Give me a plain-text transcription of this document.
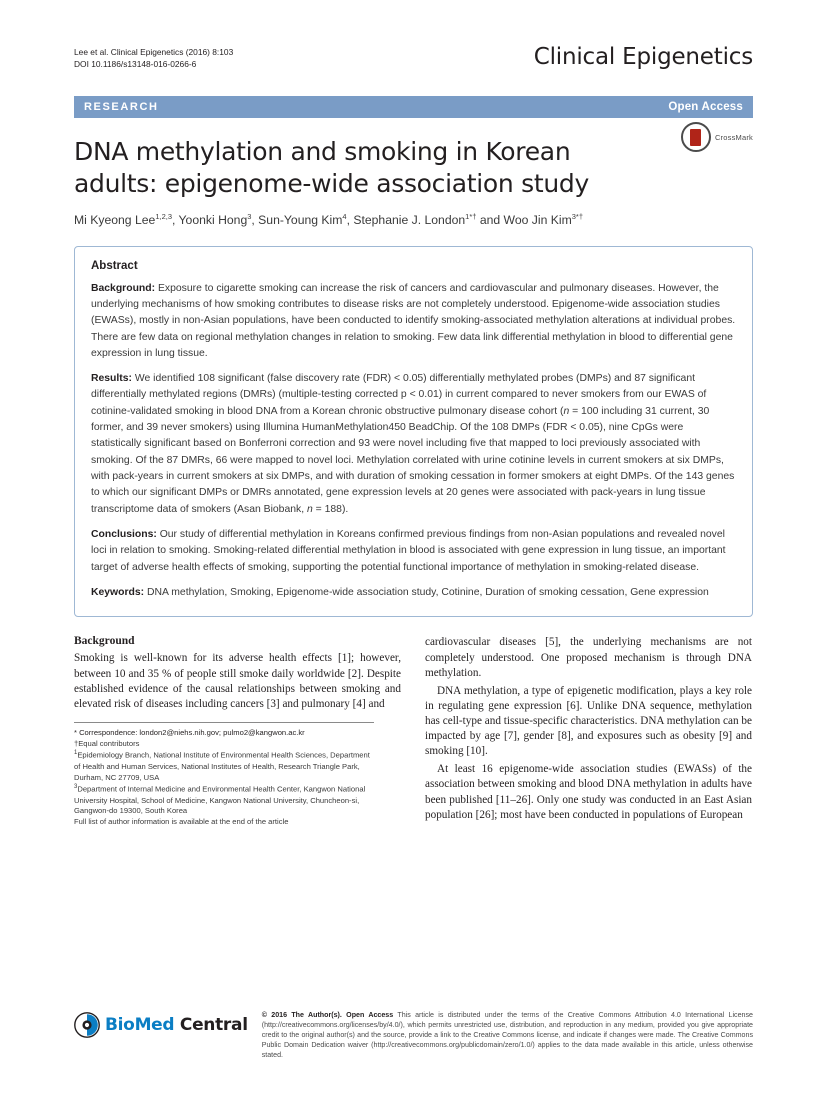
Lee et al. Clinical Epigenetics (2016) 8:103
DOI 10.1186/s13148-016-0266-6	Clinical Epigenetics
RESEARCH	Open Access
DNA methylation and smoking in Korean adults: epigenome-wide association study
CrossMark
Mi Kyeong Lee$^{1,2,3}$, Yoonki Hong$^3$, Sun-Young Kim$^4$, Stephanie J. London$^{1*\dagger}$ and Woo Jin Kim$^{3*\dagger}$
Abstract

Background: Exposure to cigarette smoking can increase the risk of cancers and cardiovascular and pulmonary diseases. However, the underlying mechanisms of how smoking contributes to disease risks are not completely understood. Epigenome-wide association studies (EWASs), mostly in non-Asian populations, have been conducted to identify smoking-associated methylation alterations at individual probes. There are few data on regional methylation changes in relation to smoking. Few data link differential methylation in blood to differential gene expression in lung tissue.

Results: We identified 108 significant (false discovery rate (FDR) < 0.05) differentially methylated probes (DMPs) and 87 significant differentially methylated regions (DMRs) (multiple-testing corrected p < 0.01) in current compared to never smokers from our EWAS of cotinine-validated smoking in blood DNA from a Korean chronic obstructive pulmonary disease cohort (n = 100 including 31 current, 30 former, and 39 never smokers) using Illumina HumanMethylation450 BeadChip. Of the 108 DMPs (FDR < 0.05), nine CpGs were statistically significant based on Bonferroni correction and 93 were novel including five that mapped to loci previously associated with smoking. Of the 87 DMRs, 66 were mapped to novel loci. Methylation correlated with urine cotinine levels in current smokers at six DMPs, with pack-years in current smokers at six DMPs, and with duration of smoking cessation in former smokers at eight DMPs. Of the 143 genes to which our significant DMPs or DMRs annotated, gene expression levels at 20 genes were associated with pack-years in lung tissue transcriptome data of smokers (Asan Biobank, n = 188).

Conclusions: Our study of differential methylation in Koreans confirmed previous findings from non-Asian populations and revealed novel loci in relation to smoking. Smoking-related differential methylation in blood is associated with gene expression in lung tissue, an important target of adverse health effects of smoking, supporting the potential functional importance of methylation in smoking-related disease.

Keywords: DNA methylation, Smoking, Epigenome-wide association study, Cotinine, Duration of smoking cessation, Gene expression

Background

Smoking is well-known for its adverse health effects [1]; however, between 10 and 35 % of people still smoke daily worldwide [2]. Despite established evidence of the causal relationships between smoking and elevated risk of diseases including cancers [3] and pulmonary [4] and

* Correspondence: london2@niehs.nih.gov; pulmo2@kangwon.ac.kr
†Equal contributors
$^1$Epidemiology Branch, National Institute of Environmental Health Sciences, Department of Health and Human Services, National Institutes of Health, Research Triangle Park, Durham, NC 27709, USA
$^3$Department of Internal Medicine and Environmental Health Center, Kangwon National University Hospital, School of Medicine, Kangwon National University, Chuncheon-si, Gangwon-do 19300, South Korea
Full list of author information is available at the end of the article

cardiovascular diseases [5], the underlying mechanisms are not completely understood. One proposed mechanism is through DNA methylation.

DNA methylation, a type of epigenetic modification, plays a key role in regulating gene expression [6]. Unlike DNA sequence, methylation has cell-type and tissue-specific characteristics. DNA methylation can be impacted by age [7], gender [8], and exposures such as obesity [9] and smoking [10].

At least 16 epigenome-wide association studies (EWASs) of the association between smoking and blood DNA methylation in adults have been published [11–26]. Only one study was conducted in an East Asian population [26]; most have been conducted in populations of European

BioMed Central © 2016 The Author(s). Open Access This article is distributed under the terms of the Creative Commons Attribution 4.0 International License (http://creativecommons.org/licenses/by/4.0/), which permits unrestricted use, distribution, and reproduction in any medium, provided you give appropriate credit to the original author(s) and the source, provide a link to the Creative Commons license, and indicate if changes were made. The Creative Commons Public Domain Dedication waiver (http://creativecommons.org/publicdomain/zero/1.0/) applies to the data made available in this article, unless otherwise stated.
